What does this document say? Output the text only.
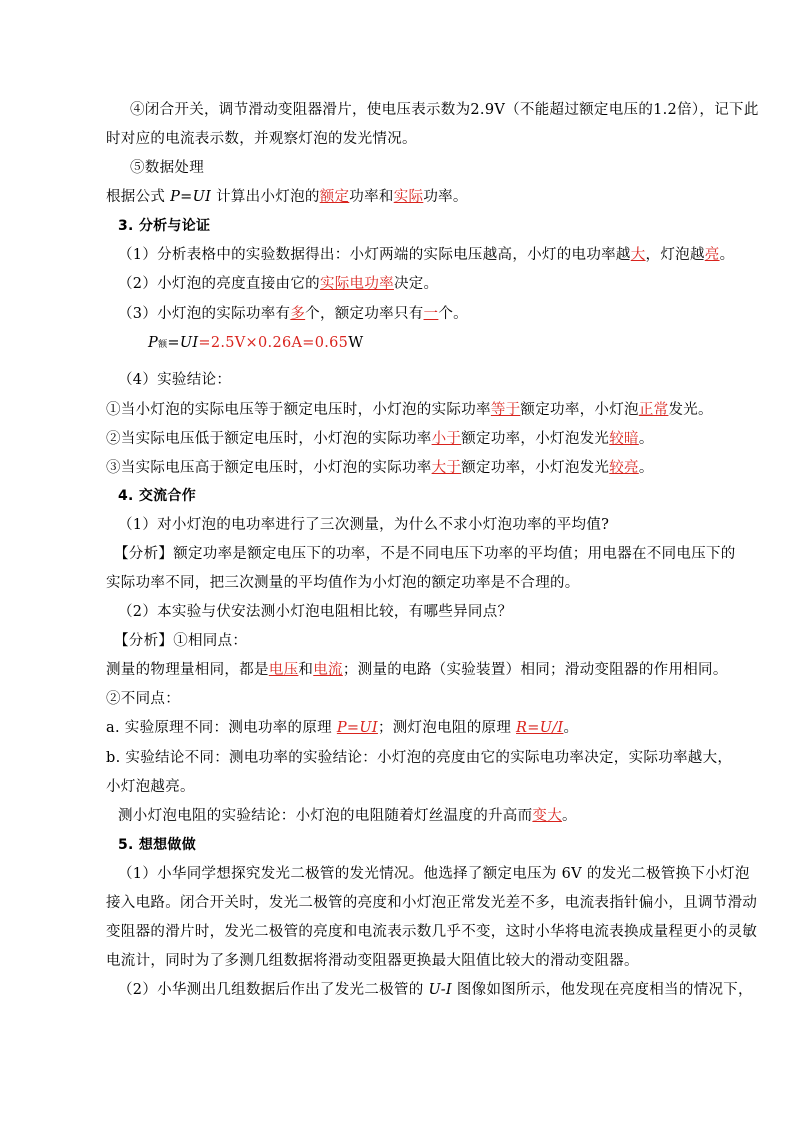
④闭合开关，调节滑动变阻器滑片，使电压表示数为2.9V（不能超过额定电压的1.2倍），记下此
时对应的电流表示数，并观察灯泡的发光情况。
⑤数据处理
根据公式 P=UI 计算出小灯泡的额定功率和实际功率。
3. 分析与论证
（1）分析表格中的实验数据得出：小灯两端的实际电压越高，小灯的电功率越大，灯泡越亮。
（2）小灯泡的亮度直接由它的实际电功率决定。
（3）小灯泡的实际功率有多个，额定功率只有一个。
P额=UI=2.5V×0.26A=0.65W
（4）实验结论：
①当小灯泡的实际电压等于额定电压时，小灯泡的实际功率等于额定功率，小灯泡正常发光。
②当实际电压低于额定电压时，小灯泡的实际功率小于额定功率，小灯泡发光较暗。
③当实际电压高于额定电压时，小灯泡的实际功率大于额定功率，小灯泡发光较亮。
4. 交流合作
（1）对小灯泡的电功率进行了三次测量，为什么不求小灯泡功率的平均值?
【分析】额定功率是额定电压下的功率，不是不同电压下功率的平均值；用电器在不同电压下的
实际功率不同，把三次测量的平均值作为小灯泡的额定功率是不合理的。
（2）本实验与伏安法测小灯泡电阻相比较，有哪些异同点？
【分析】①相同点：
测量的物理量相同，都是电压和电流；测量的电路（实验装置）相同；滑动变阻器的作用相同。
②不同点：
a. 实验原理不同：测电功率的原理 P=UI；测灯泡电阻的原理 R=U/I。
b. 实验结论不同：测电功率的实验结论：小灯泡的亮度由它的实际电功率决定，实际功率越大，
小灯泡越亮。
测小灯泡电阻的实验结论：小灯泡的电阻随着灯丝温度的升高而变大。
5. 想想做做
（1）小华同学想探究发光二极管的发光情况。他选择了额定电压为 6V 的发光二极管换下小灯泡
接入电路。闭合开关时，发光二极管的亮度和小灯泡正常发光差不多，电流表指针偏小，且调节滑动
变阻器的滑片时，发光二极管的亮度和电流表示数几乎不变，这时小华将电流表换成量程更小的灵敏
电流计，同时为了多测几组数据将滑动变阻器更换最大阻值比较大的滑动变阻器。
（2）小华测出几组数据后作出了发光二极管的 U-I 图像如图所示，他发现在亮度相当的情况下，
